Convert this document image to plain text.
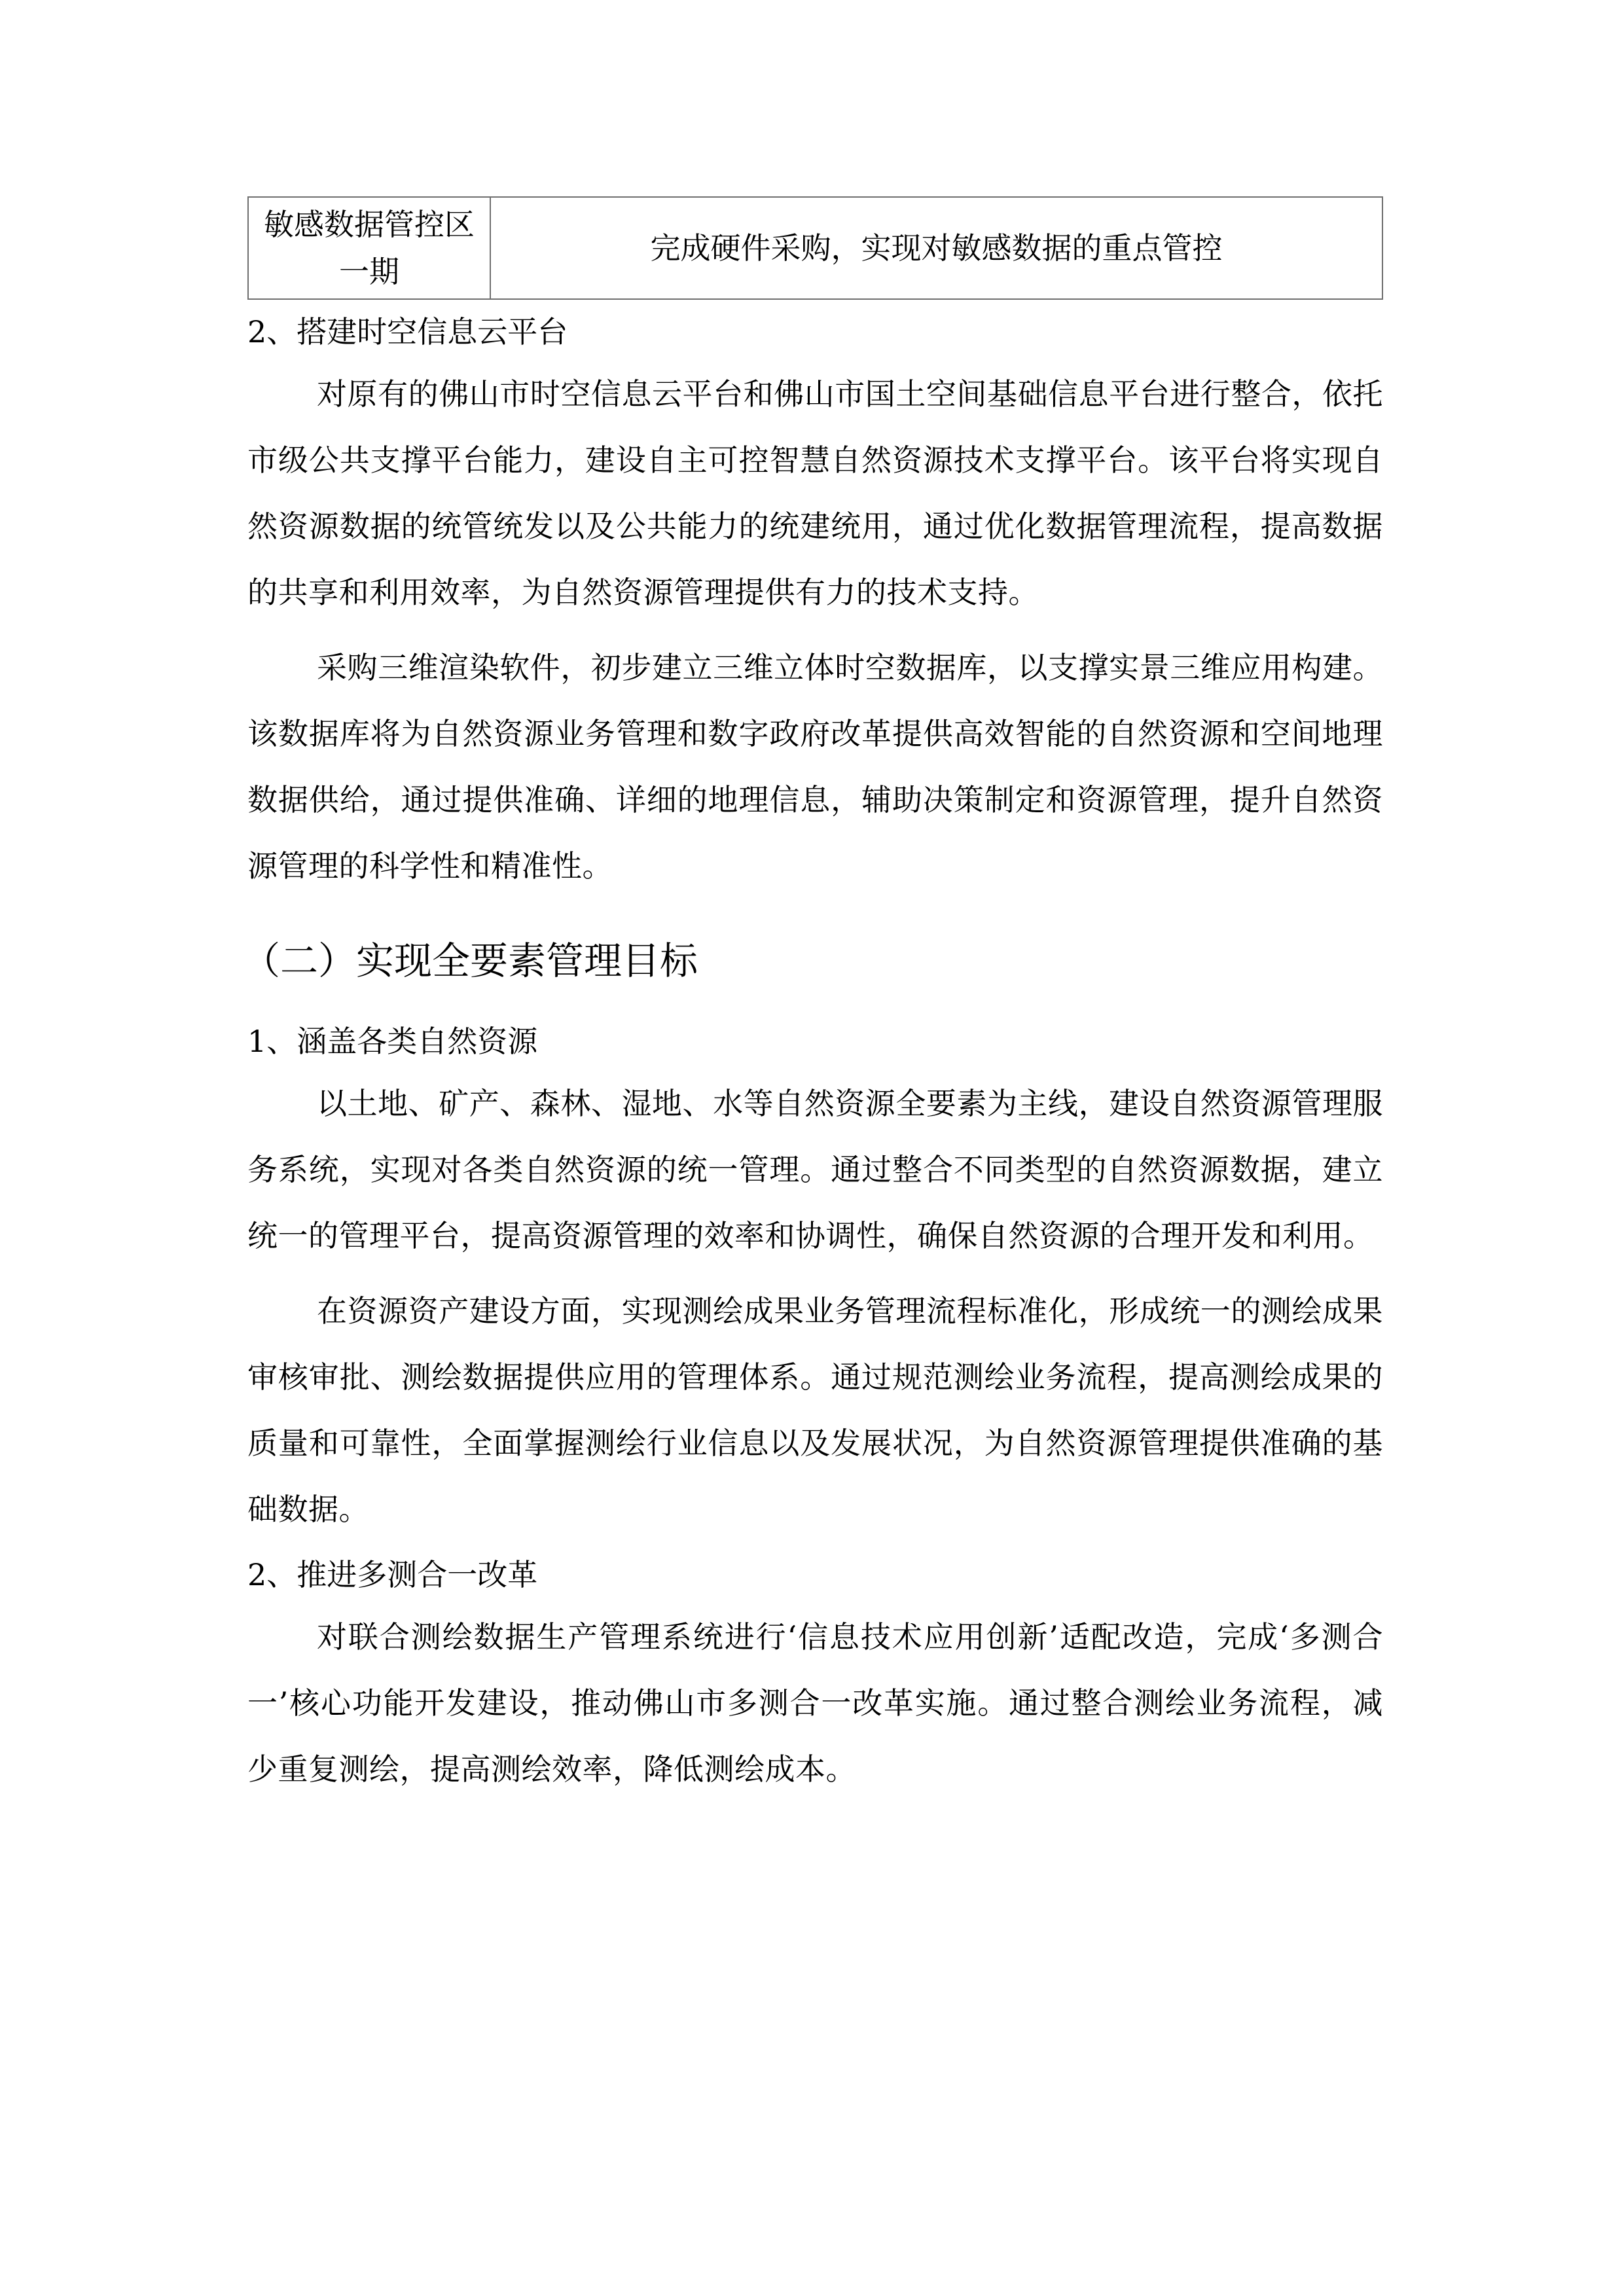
敏感数据管控区
一期
	完成硬件采购，实现对敏感数据的重点管控
2、搭建时空信息云平台

对原有的佛山市时空信息云平台和佛山市国土空间基础信息平台进行整合，依托市级公共支撑平台能力，建设自主可控智慧自然资源技术支撑平台。该平台将实现自然资源数据的统管统发以及公共能力的统建统用，通过优化数据管理流程，提高数据的共享和利用效率，为自然资源管理提供有力的技术支持。

采购三维渲染软件，初步建立三维立体时空数据库，以支撑实景三维应用构建。该数据库将为自然资源业务管理和数字政府改革提供高效智能的自然资源和空间地理数据供给，通过提供准确、详细的地理信息，辅助决策制定和资源管理，提升自然资源管理的科学性和精准性。

（二）实现全要素管理目标
1、涵盖各类自然资源

以土地、矿产、森林、湿地、水等自然资源全要素为主线，建设自然资源管理服务系统，实现对各类自然资源的统一管理。通过整合不同类型的自然资源数据，建立统一的管理平台，提高资源管理的效率和协调性，确保自然资源的合理开发和利用。

在资源资产建设方面，实现测绘成果业务管理流程标准化，形成统一的测绘成果审核审批、测绘数据提供应用的管理体系。通过规范测绘业务流程，提高测绘成果的质量和可靠性，全面掌握测绘行业信息以及发展状况，为自然资源管理提供准确的基础数据。

2、推进多测合一改革

对联合测绘数据生产管理系统进行‘信息技术应用创新’适配改造，完成‘多测合一’核心功能开发建设，推动佛山市多测合一改革实施。通过整合测绘业务流程，减少重复测绘，提高测绘效率，降低测绘成本。
